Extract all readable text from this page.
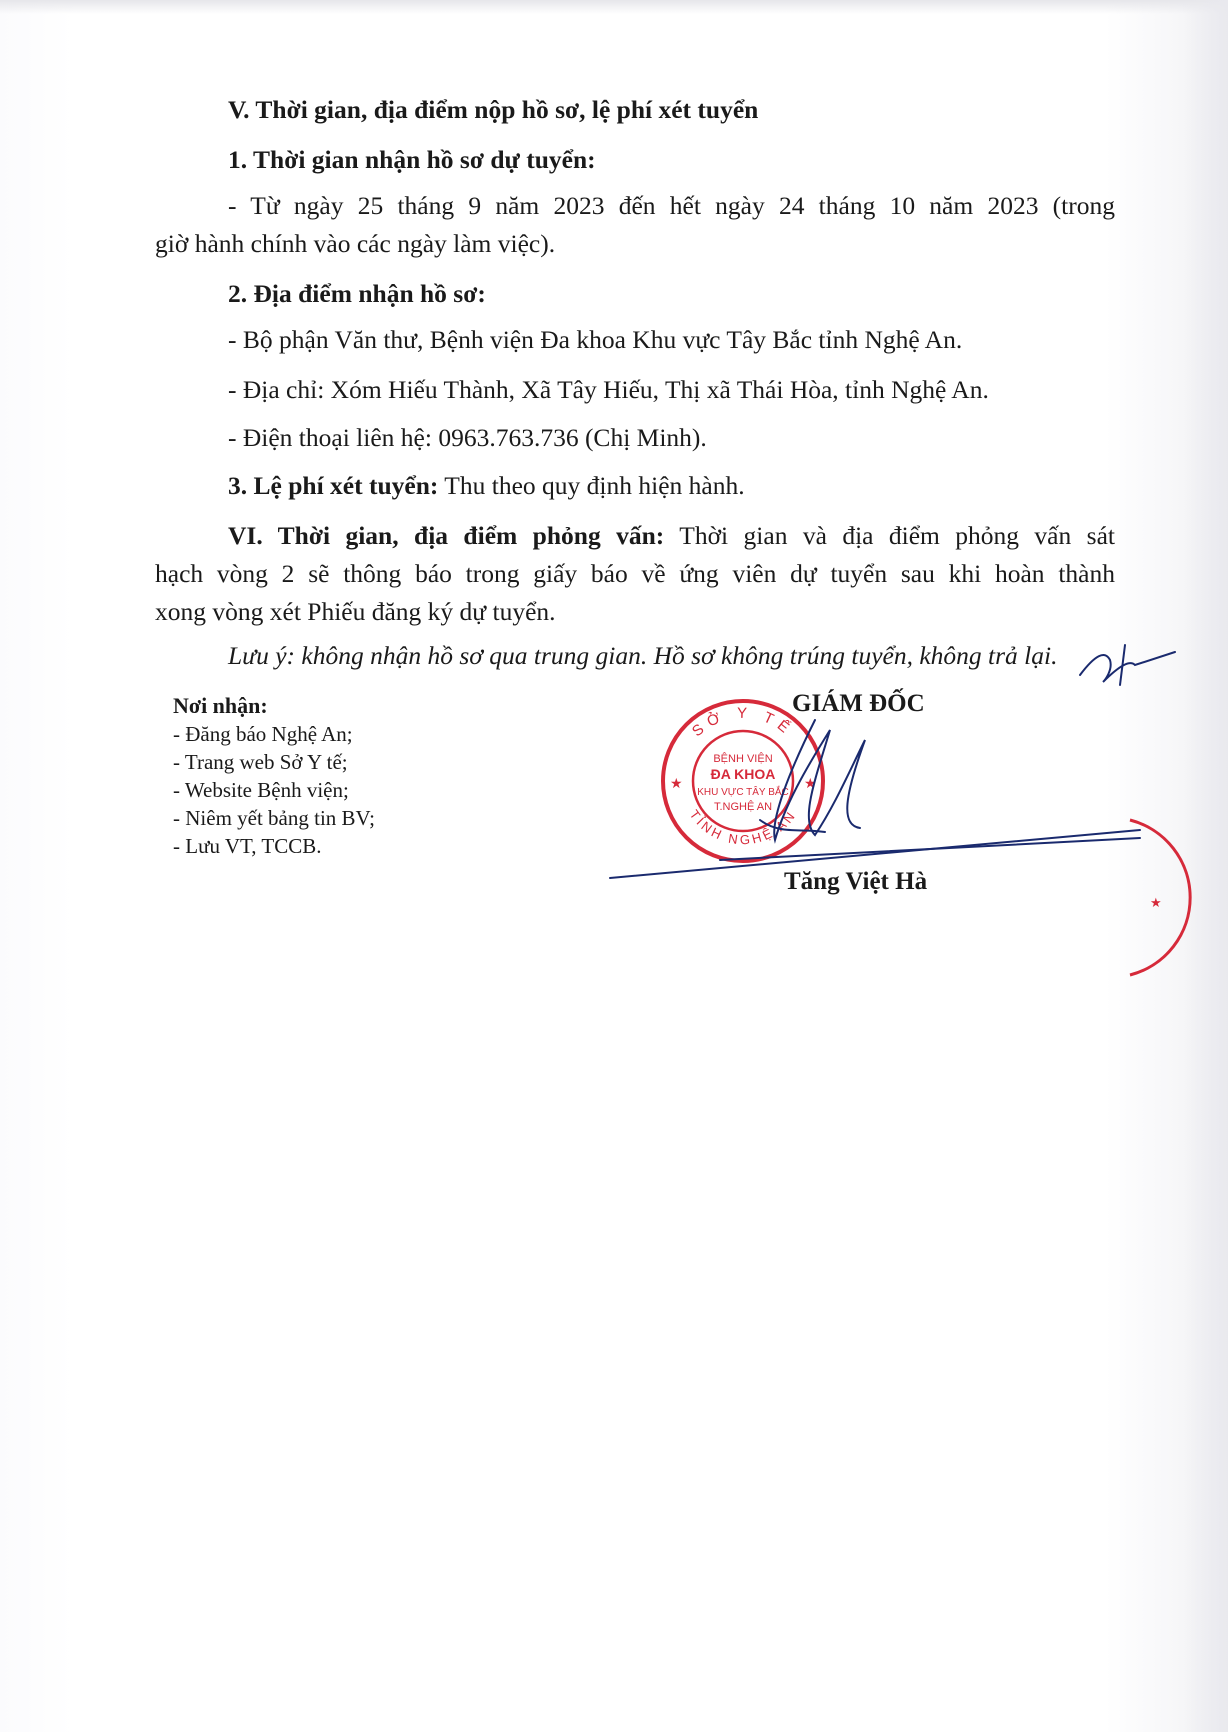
V. Thời gian, địa điểm nộp hồ sơ, lệ phí xét tuyển
1. Thời gian nhận hồ sơ dự tuyển:
- Từ ngày 25 tháng 9 năm 2023 đến hết ngày 24 tháng 10 năm 2023 (trong
giờ hành chính vào các ngày làm việc).
2. Địa điểm nhận hồ sơ:
- Bộ phận Văn thư, Bệnh viện Đa khoa Khu vực Tây Bắc tỉnh Nghệ An.
- Địa chỉ: Xóm Hiếu Thành, Xã Tây Hiếu, Thị xã Thái Hòa, tỉnh Nghệ An.
- Điện thoại liên hệ: 0963.763.736 (Chị Minh).
3. Lệ phí xét tuyển: Thu theo quy định hiện hành.
VI. Thời gian, địa điểm phỏng vấn: Thời gian và địa điểm phỏng vấn sát
hạch vòng 2 sẽ thông báo trong giấy báo về ứng viên dự tuyển sau khi hoàn thành
xong vòng xét Phiếu đăng ký dự tuyển.
Lưu ý: không nhận hồ sơ qua trung gian. Hồ sơ không trúng tuyển, không trả lại.
Nơi nhận:
- Đăng báo Nghệ An;
- Trang web Sở Y tế;
- Website Bệnh viện;
- Niêm yết bảng tin BV;
- Lưu VT, TCCB.
GIÁM ĐỐC
SỞ Y TẾ
TỈNH NGHỆ AN
★	★
BỆNH VIỆN
ĐA KHOA
KHU VỰC TÂY BẮC
T.NGHỆ AN
Tăng Việt Hà
★
